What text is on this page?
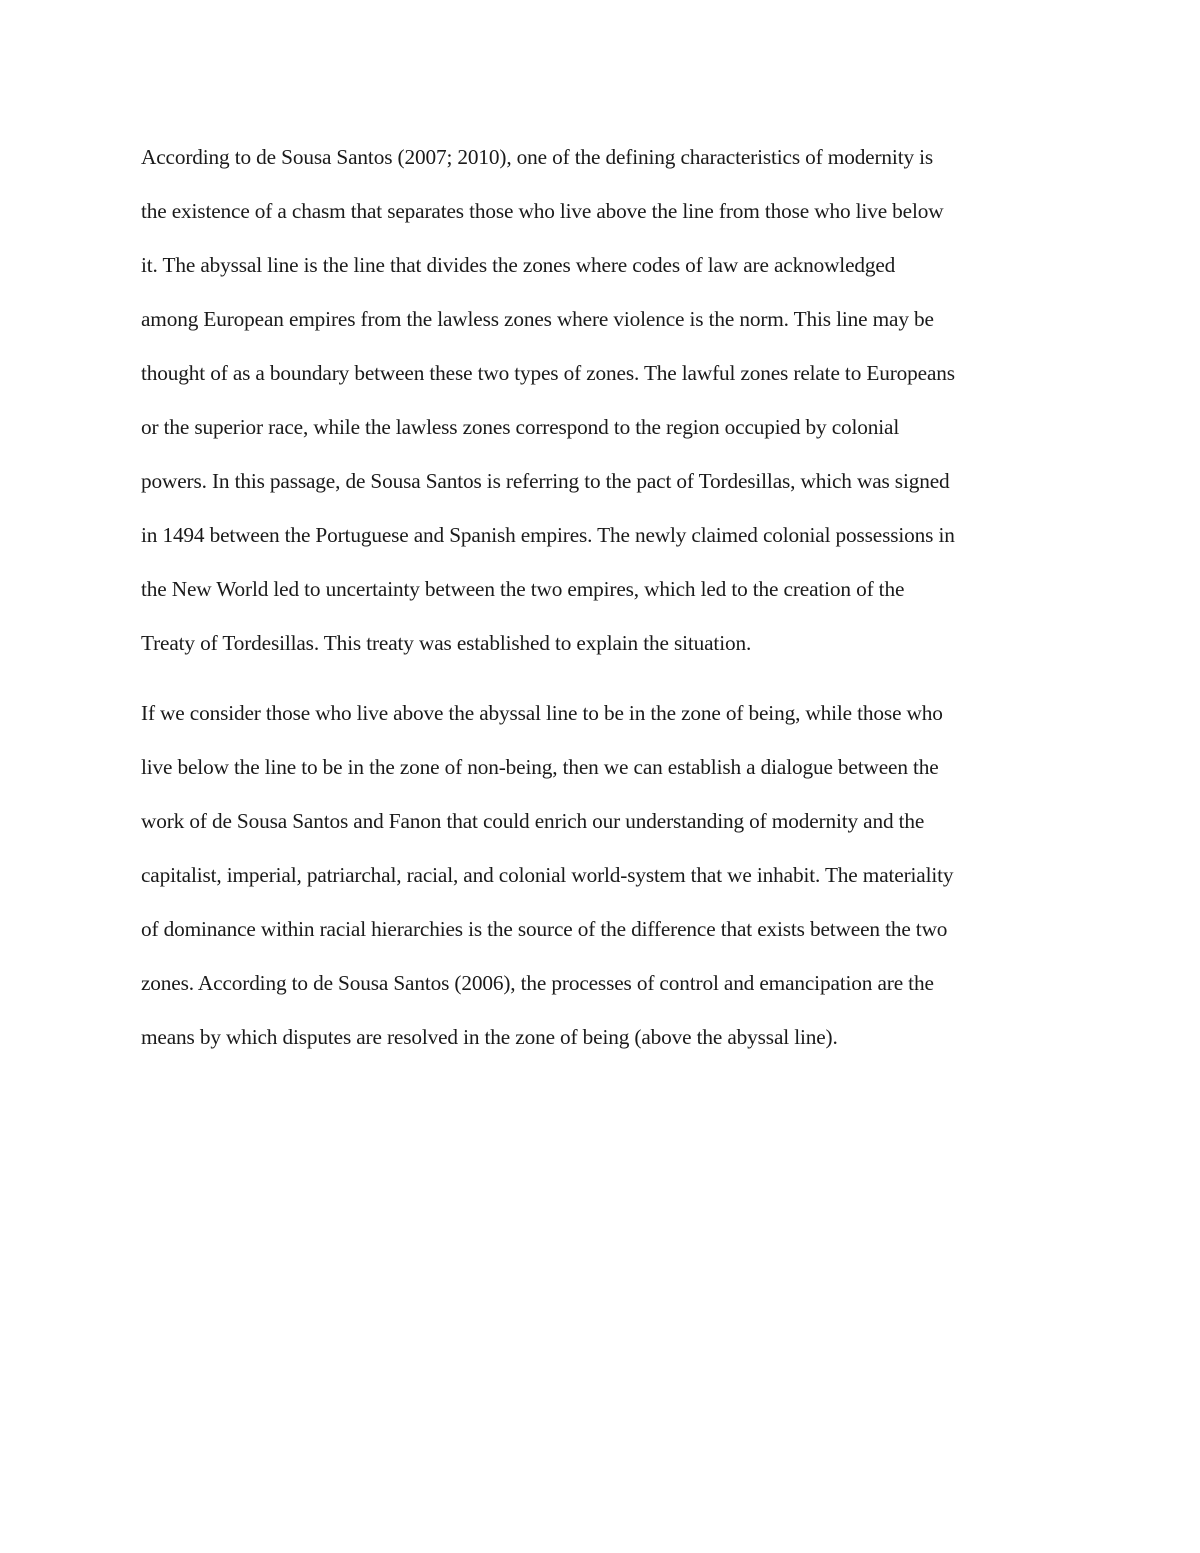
According to de Sousa Santos (2007; 2010), one of the defining characteristics of modernity is
the existence of a chasm that separates those who live above the line from those who live below
it. The abyssal line is the line that divides the zones where codes of law are acknowledged
among European empires from the lawless zones where violence is the norm. This line may be
thought of as a boundary between these two types of zones. The lawful zones relate to Europeans
or the superior race, while the lawless zones correspond to the region occupied by colonial
powers. In this passage, de Sousa Santos is referring to the pact of Tordesillas, which was signed
in 1494 between the Portuguese and Spanish empires. The newly claimed colonial possessions in
the New World led to uncertainty between the two empires, which led to the creation of the
Treaty of Tordesillas. This treaty was established to explain the situation.
If we consider those who live above the abyssal line to be in the zone of being, while those who
live below the line to be in the zone of non-being, then we can establish a dialogue between the
work of de Sousa Santos and Fanon that could enrich our understanding of modernity and the
capitalist, imperial, patriarchal, racial, and colonial world-system that we inhabit. The materiality
of dominance within racial hierarchies is the source of the difference that exists between the two
zones. According to de Sousa Santos (2006), the processes of control and emancipation are the
means by which disputes are resolved in the zone of being (above the abyssal line).
